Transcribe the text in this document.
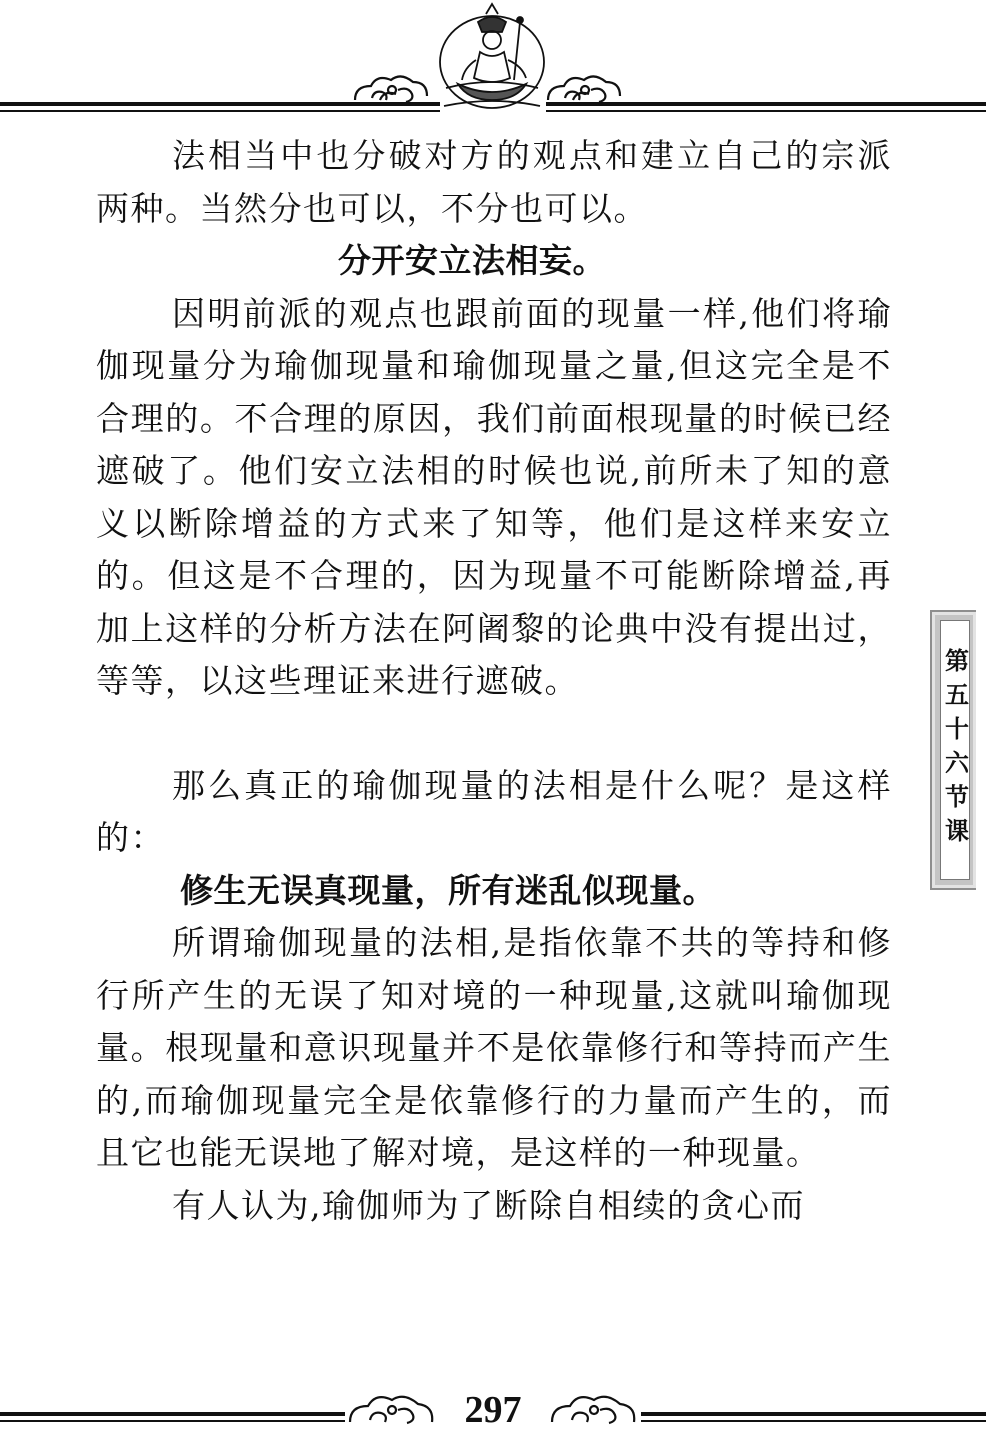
法相当中也分破对方的观点和建立自己的宗派两种。当然分也可以，不分也可以。

分开安立法相妄。

因明前派的观点也跟前面的现量一样,他们将瑜伽现量分为瑜伽现量和瑜伽现量之量,但这完全是不合理的。不合理的原因，我们前面根现量的时候已经遮破了。他们安立法相的时候也说,前所未了知的意义以断除增益的方式来了知等，他们是这样来安立的。但这是不合理的，因为现量不可能断除增益,再加上这样的分析方法在阿阇黎的论典中没有提出过，等等，以这些理证来进行遮破。

那么真正的瑜伽现量的法相是什么呢？是这样的：

修生无误真现量，所有迷乱似现量。

所谓瑜伽现量的法相,是指依靠不共的等持和修行所产生的无误了知对境的一种现量,这就叫瑜伽现量。根现量和意识现量并不是依靠修行和等持而产生的,而瑜伽现量完全是依靠修行的力量而产生的，而且它也能无误地了解对境，是这样的一种现量。

有人认为,瑜伽师为了断除自相续的贪心而

第五十六节课
297
